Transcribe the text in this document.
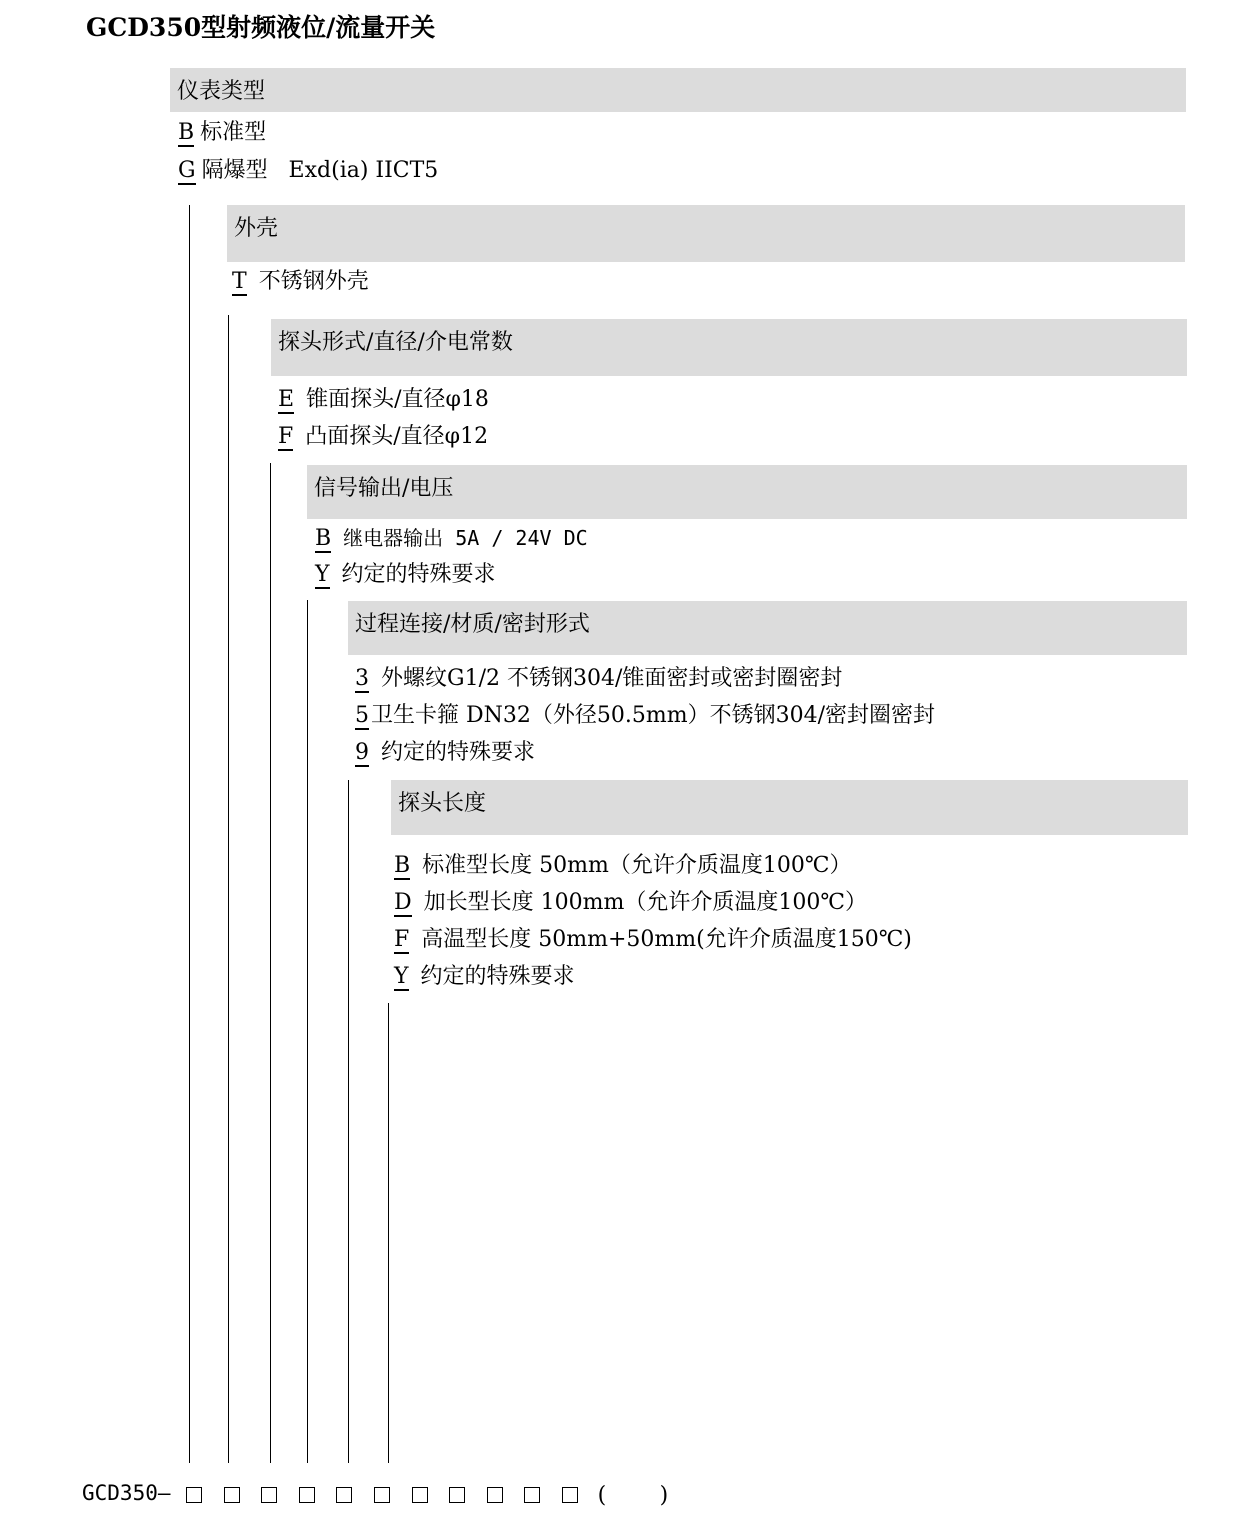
GCD350型射频液位/流量开关
仪表类型
B 标准型
G 隔爆型   Exd(ia) IICT5
外壳
T 不锈钢外壳
探头形式/直径/介电常数
E 锥面探头/直径φ18
F 凸面探头/直径φ12
信号输出/电压
B 继电器输出 5A / 24V DC
Y 约定的特殊要求
过程连接/材质/密封形式
3 外螺纹G1/2 不锈钢304/锥面密封或密封圈密封
5卫生卡箍 DN32（外径50.5mm）不锈钢304/密封圈密封
9 约定的特殊要求
探头长度
B 标准型长度 50mm（允许介质温度100℃）
D 加长型长度 100mm（允许介质温度100℃）
F 高温型长度 50mm+50mm(允许介质温度150℃)
Y 约定的特殊要求
GCD350—	( )
